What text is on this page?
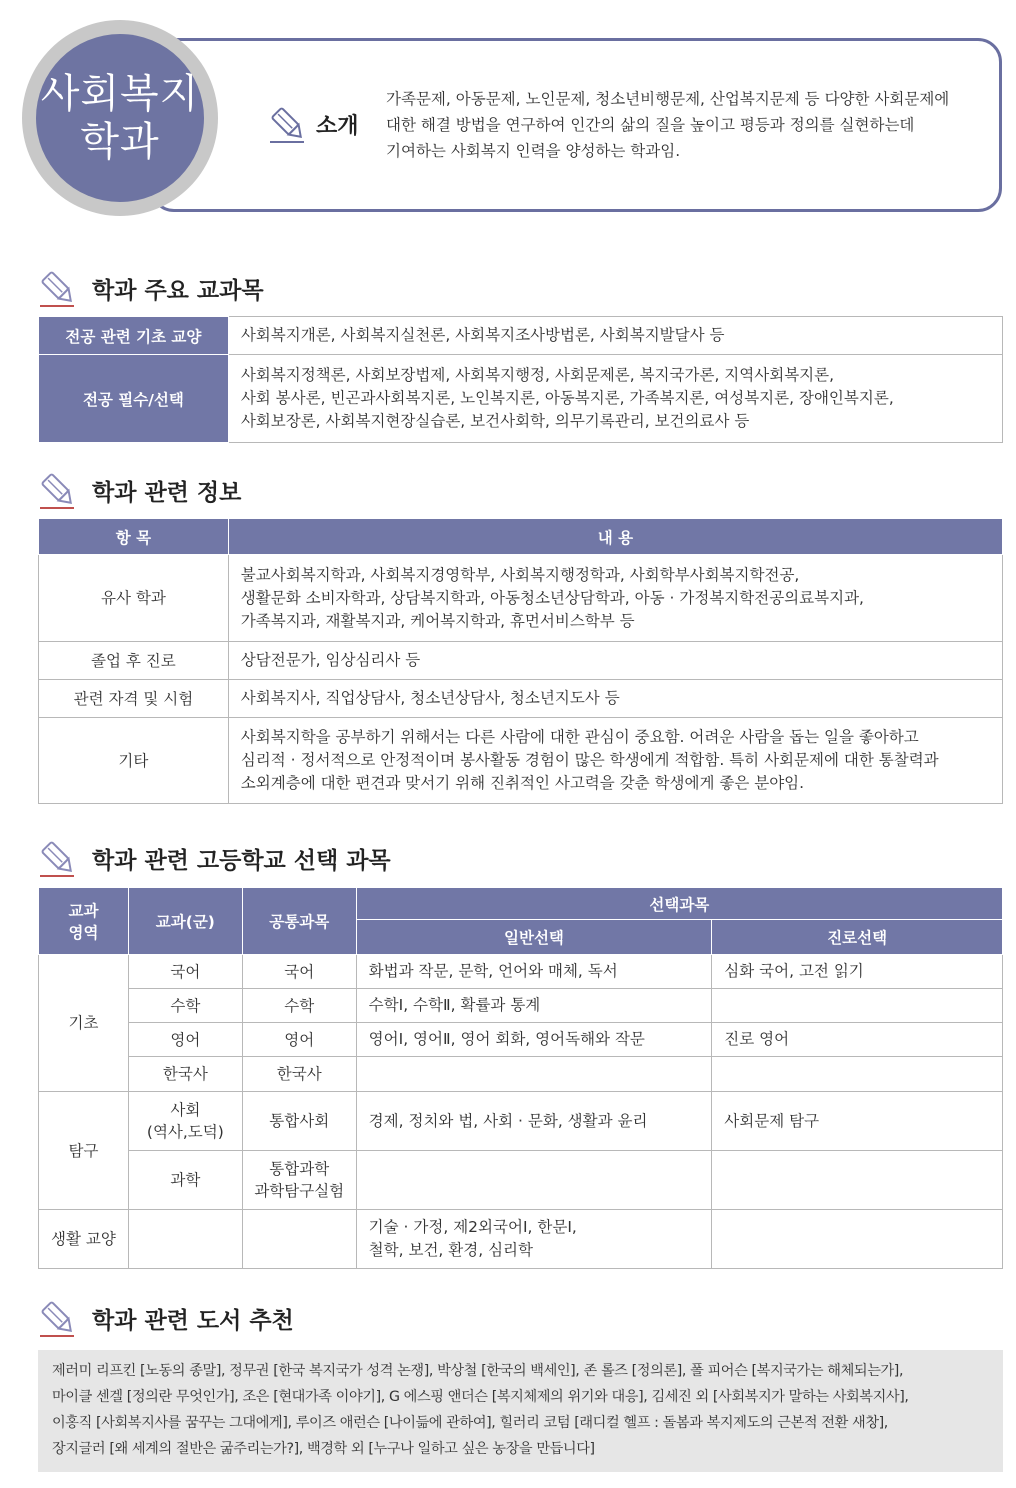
사회복지
학과	소개
가족문제, 아동문제, 노인문제, 청소년비행문제, 산업복지문제 등 다양한 사회문제에
대한 해결 방법을 연구하여 인간의 삶의 질을 높이고 평등과 정의를 실현하는데
기여하는 사회복지 인력을 양성하는 학과임.
학과 주요 교과목
전공 관련 기초 교양	사회복지개론, 사회복지실천론, 사회복지조사방법론, 사회복지발달사 등
전공 필수/선택	사회복지정책론, 사회보장법제, 사회복지행정, 사회문제론, 복지국가론, 지역사회복지론,
사회 봉사론, 빈곤과사회복지론, 노인복지론, 아동복지론, 가족복지론, 여성복지론, 장애인복지론,
사회보장론, 사회복지현장실습론, 보건사회학, 의무기록관리, 보건의료사 등
학과 관련 정보
항 목	내 용
유사 학과	불교사회복지학과, 사회복지경영학부, 사회복지행정학과, 사회학부사회복지학전공,
생활문화 소비자학과, 상담복지학과, 아동청소년상담학과, 아동 · 가정복지학전공의료복지과,
가족복지과, 재활복지과, 케어복지학과, 휴먼서비스학부 등

졸업 후 진로	상담전문가, 임상심리사 등
관련 자격 및 시험	사회복지사, 직업상담사, 청소년상담사, 청소년지도사 등
기타	사회복지학을 공부하기 위해서는 다른 사람에 대한 관심이 중요함. 어려운 사람을 돕는 일을 좋아하고
심리적 · 정서적으로 안정적이며 봉사활동 경험이 많은 학생에게 적합함. 특히 사회문제에 대한 통찰력과
소외계층에 대한 편견과 맞서기 위해 진취적인 사고력을 갖춘 학생에게 좋은 분야임.
학과 관련 고등학교 선택 과목
교과
영역	교과(군)	공통과목	선택과목	
			일반선택	진로선택
기초	국어	국어	화법과 작문, 문학, 언어와 매체, 독서	심화 국어, 고전 읽기
	수학	수학	수학Ⅰ, 수학Ⅱ, 확률과 통계	
	영어	영어	영어Ⅰ, 영어Ⅱ, 영어 회화, 영어독해와 작문	진로 영어
	한국사	한국사		
탐구	사회
(역사,도덕)	통합사회	경제, 정치와 법, 사회 · 문화, 생활과 윤리	사회문제 탐구
	과학	통합과학
과학탐구실험		

생활 교양			기술 · 가정, 제2외국어Ⅰ, 한문Ⅰ,
철학, 보건, 환경, 심리학	

학과 관련 도서 추천
제러미 리프킨 [노동의 종말], 정무권 [한국 복지국가 성격 논쟁], 박상철 [한국의 백세인], 존 롤즈 [정의론], 폴 피어슨 [복지국가는 해체되는가],
마이클 센겔 [정의란 무엇인가], 조은 [현대가족 이야기], G 에스핑 앤더슨 [복지체제의 위기와 대응], 김세진 외 [사회복지가 말하는 사회복지사],
이홍직 [사회복지사를 꿈꾸는 그대에게], 루이즈 애런슨 [나이듦에 관하여], 힐러리 코텀 [래디컬 헬프 : 돌봄과 복지제도의 근본적 전환 새창],
장지글러 [왜 세계의 절반은 굶주리는가?], 백경학 외 [누구나 일하고 싶은 농장을 만듭니다]
